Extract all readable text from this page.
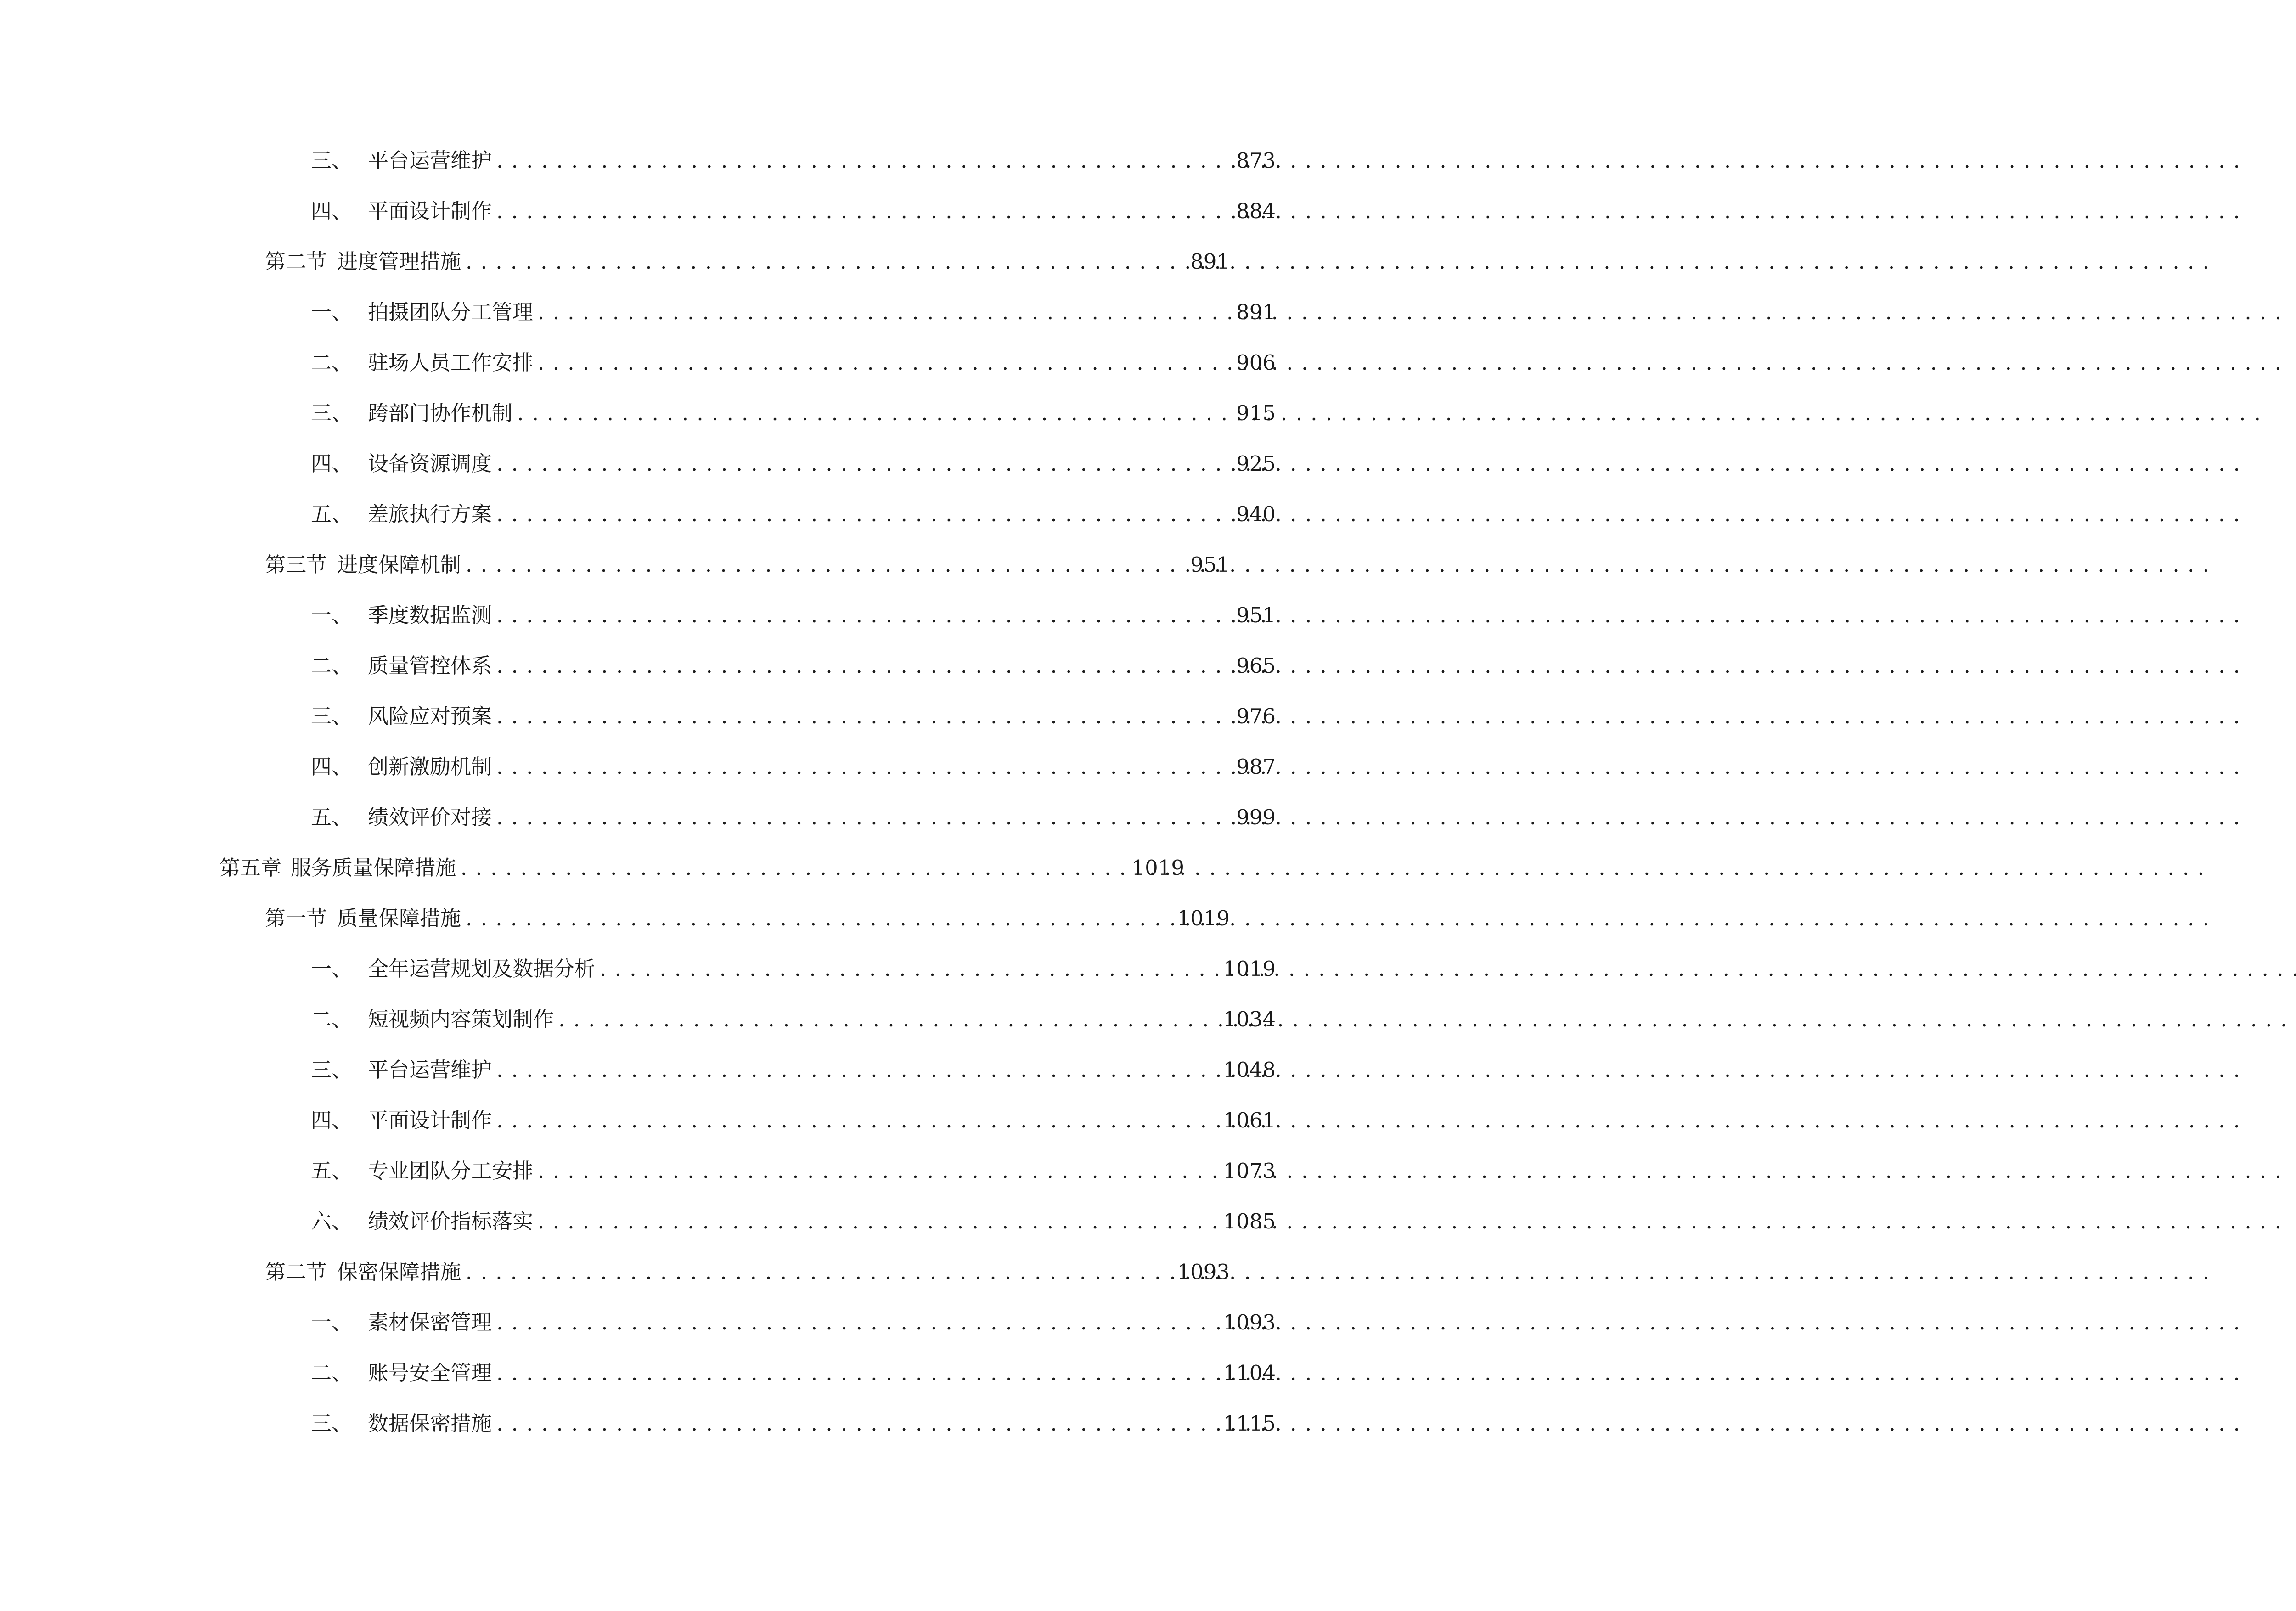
三、 平台运营维护 . . .	873
四、 平面设计制作 . . .	884
第二节 进度管理措施 . . .	891
一、 拍摄团队分工管理 . . .	891
二、 驻场人员工作安排 . . .	906
三、 跨部门协作机制 . . .	915
四、 设备资源调度 . . .	925
五、 差旅执行方案 . . .	940
第三节 进度保障机制 . . .	951
一、 季度数据监测 . . .	951
二、 质量管控体系 . . .	965
三、 风险应对预案 . . .	976
四、 创新激励机制 . . .	987
五、 绩效评价对接 . . .	999
第五章 服务质量保障措施 . . .	1019
第一节 质量保障措施 . . .	1019
一、 全年运营规划及数据分析 . . .	1019
二、 短视频内容策划制作 . . .	1034
三、 平台运营维护 . . .	1048
四、 平面设计制作 . . .	1061
五、 专业团队分工安排 . . .	1073
六、 绩效评价指标落实 . . .	1085
第二节 保密保障措施 . . .	1093
一、 素材保密管理 . . .	1093
二、 账号安全管理 . . .	1104
三、 数据保密措施 . . .	1115
